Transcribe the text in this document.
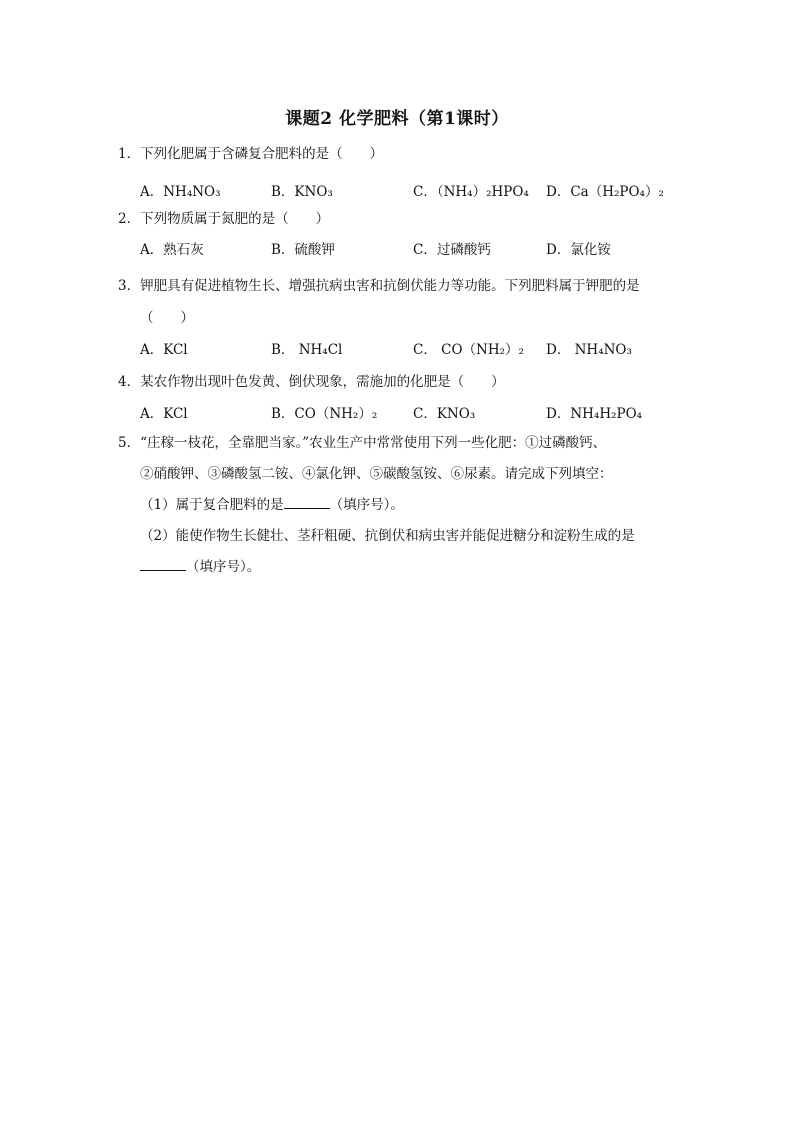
课题2 化学肥料（第1课时）
1．下列化肥属于含磷复合肥料的是（　　）
A．NH₄NO₃	B．KNO₃	C．（NH₄）₂HPO₄ D．Ca（H₂PO₄）₂
2．下列物质属于氮肥的是（　　）
A．熟石灰	B．硫酸钾	C．过磷酸钙	D．氯化铵
3．钾肥具有促进植物生长、增强抗病虫害和抗倒伏能力等功能。下列肥料属于钾肥的是
（　　）
A．KCl	B． NH₄Cl	C． CO（NH₂）₂ D． NH₄NO₃
4．某农作物出现叶色发黄、倒伏现象，需施加的化肥是（　　）
A．KCl	B．CO（NH₂）₂	C．KNO₃	D．NH₄H₂PO₄
5．“庄稼一枝花，全靠肥当家。”农业生产中常常使用下列一些化肥：①过磷酸钙、
②硝酸钾、③磷酸氢二铵、④氯化钾、⑤碳酸氢铵、⑥尿素。请完成下列填空：
（1）属于复合肥料的是	（填序号）。
（2）能使作物生长健壮、茎秆粗硬、抗倒伏和病虫害并能促进糖分和淀粉生成的是
（填序号）。
